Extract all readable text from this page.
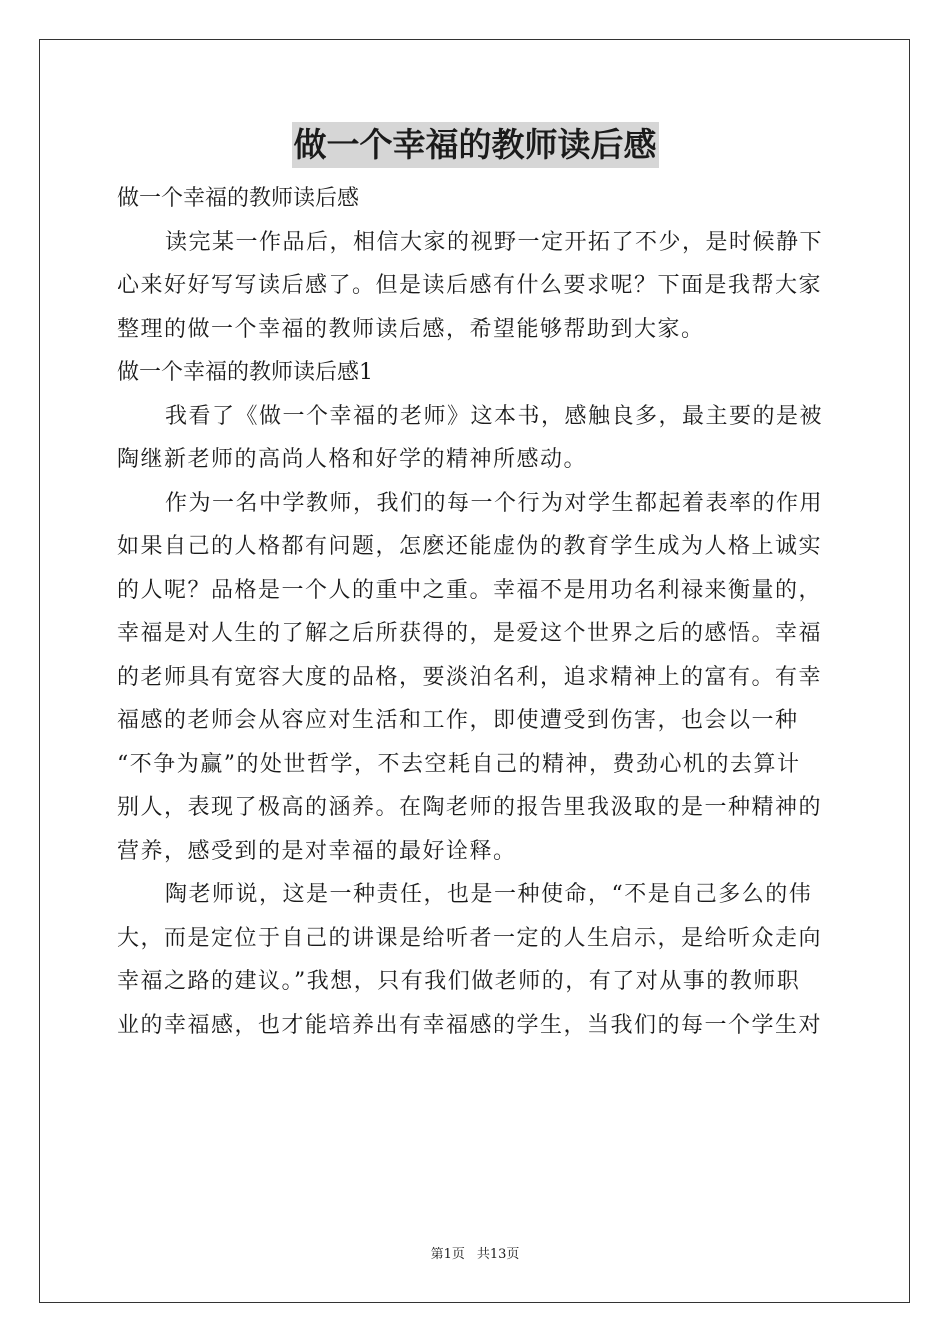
做一个幸福的教师读后感
做一个幸福的教师读后感
读完某一作品后，相信大家的视野一定开拓了不少，是时候静下
心来好好写写读后感了。但是读后感有什么要求呢？下面是我帮大家
整理的做一个幸福的教师读后感，希望能够帮助到大家。
做一个幸福的教师读后感1
我看了《做一个幸福的老师》这本书，感触良多，最主要的是被
陶继新老师的高尚人格和好学的精神所感动。
作为一名中学教师，我们的每一个行为对学生都起着表率的作用
如果自己的人格都有问题，怎麽还能虚伪的教育学生成为人格上诚实
的人呢？品格是一个人的重中之重。幸福不是用功名利禄来衡量的，
幸福是对人生的了解之后所获得的，是爱这个世界之后的感悟。幸福
的老师具有宽容大度的品格，要淡泊名利，追求精神上的富有。有幸
福感的老师会从容应对生活和工作，即使遭受到伤害，也会以一种
“不争为赢”的处世哲学，不去空耗自己的精神，费劲心机的去算计
别人，表现了极高的涵养。在陶老师的报告里我汲取的是一种精神的
营养，感受到的是对幸福的最好诠释。
陶老师说，这是一种责任，也是一种使命，“不是自己多么的伟
大，而是定位于自己的讲课是给听者一定的人生启示，是给听众走向
幸福之路的建议。”我想，只有我们做老师的，有了对从事的教师职
业的幸福感，也才能培养出有幸福感的学生，当我们的每一个学生对
第1页 共13页
